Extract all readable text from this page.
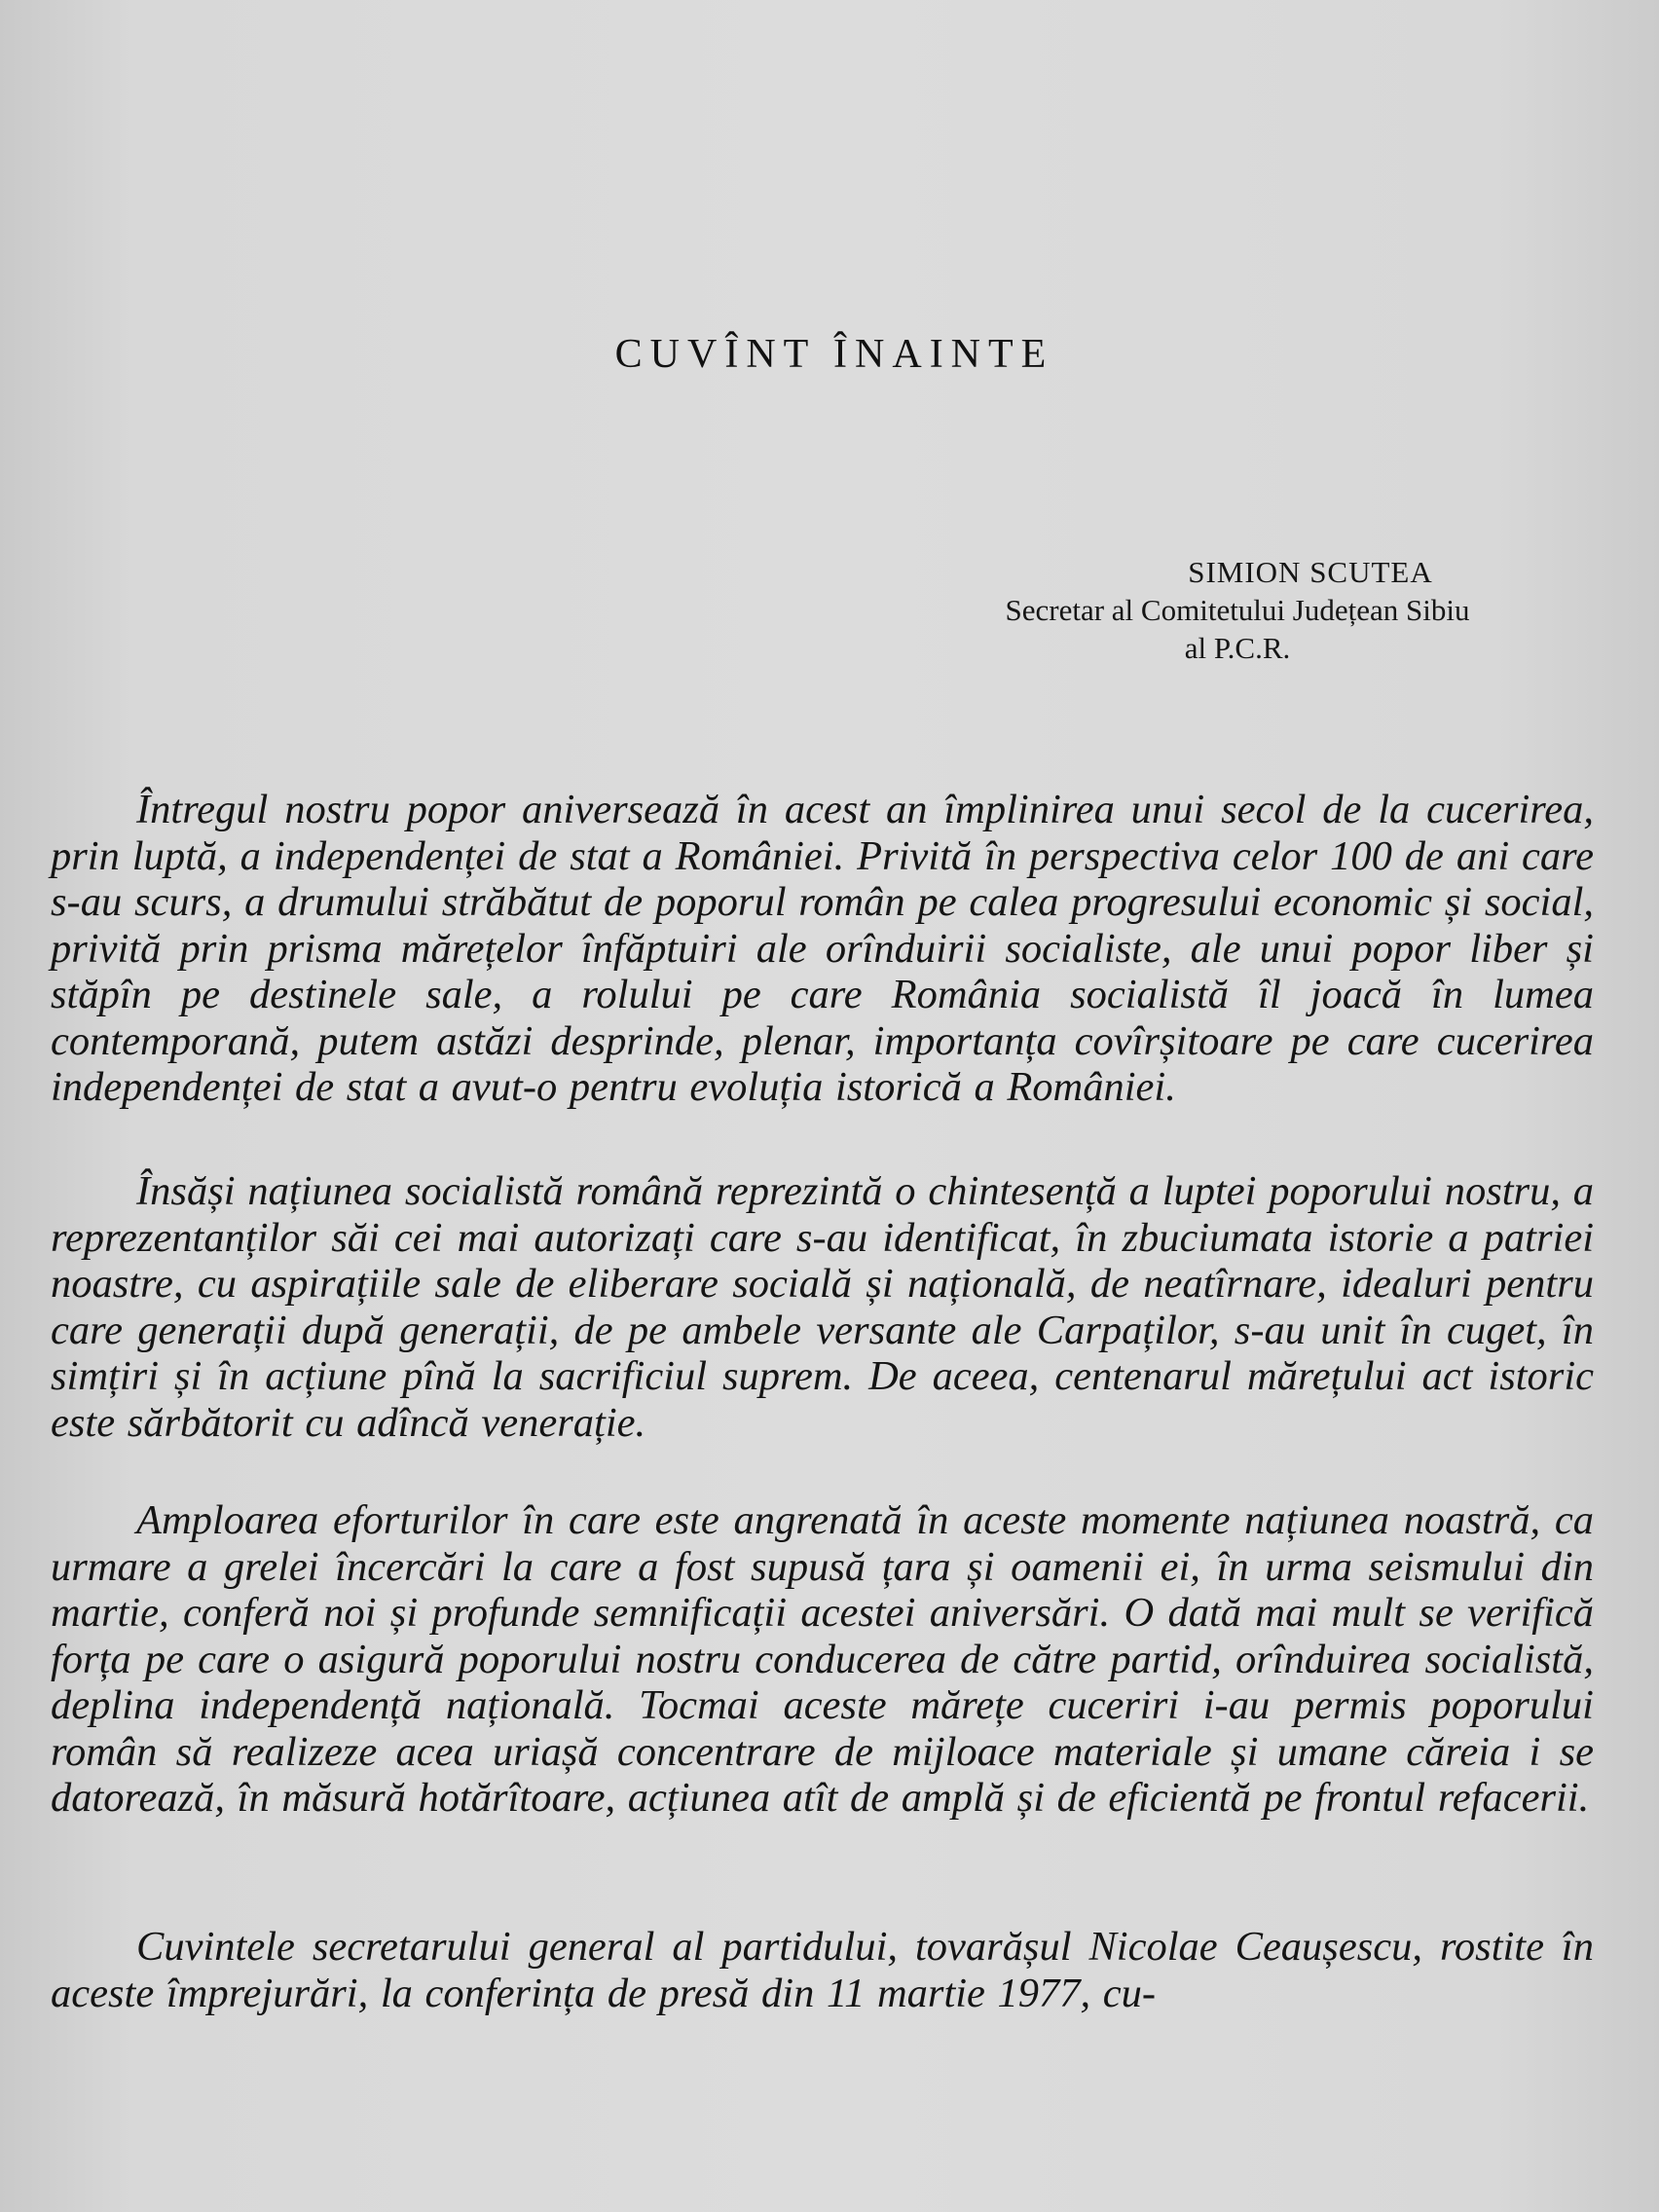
CUVÎNT ÎNAINTE
SIMION SCUTEA
Secretar al Comitetului Județean Sibiu
al P.C.R.

Întregul nostru popor aniversează în acest an împlinirea unui secol de la cucerirea, prin luptă, a independenței de stat a României. Privită în perspectiva celor 100 de ani care s-au scurs, a drumului străbătut de poporul român pe calea progresului economic și social, privită prin prisma mărețelor înfăptuiri ale orînduirii socialiste, ale unui popor liber și stăpîn pe destinele sale, a rolului pe care România socialistă îl joacă în lumea contemporană, putem astăzi desprinde, plenar, importanța covîrșitoare pe care cucerirea independenței de stat a avut-o pentru evoluția istorică a României.

Însăși națiunea socialistă română reprezintă o chintesență a luptei poporului nostru, a reprezentanților săi cei mai autorizați care s-au identificat, în zbuciumata istorie a patriei noastre, cu aspirațiile sale de eliberare socială și națională, de neatîrnare, idealuri pentru care generații după generații, de pe ambele versante ale Carpaților, s-au unit în cuget, în simțiri și în acțiune pînă la sacrificiul suprem. De aceea, centenarul mărețului act istoric este sărbătorit cu adîncă venerație.

Amploarea eforturilor în care este angrenată în aceste momente națiunea noastră, ca urmare a grelei încercări la care a fost supusă țara și oamenii ei, în urma seismului din martie, conferă noi și profunde semnificații acestei aniversări. O dată mai mult se verifică forța pe care o asigură poporului nostru conducerea de către partid, orînduirea socialistă, deplina independență națională. Tocmai aceste mărețe cuceriri i-au permis poporului român să realizeze acea uriașă concentrare de mijloace materiale și umane căreia i se datorează, în măsură hotărîtoare, acțiunea atît de amplă și de eficientă pe frontul refacerii.

Cuvintele secretarului general al partidului, tovarășul Nicolae Ceaușescu, rostite în aceste împrejurări, la conferința de presă din 11 martie 1977, cu-
